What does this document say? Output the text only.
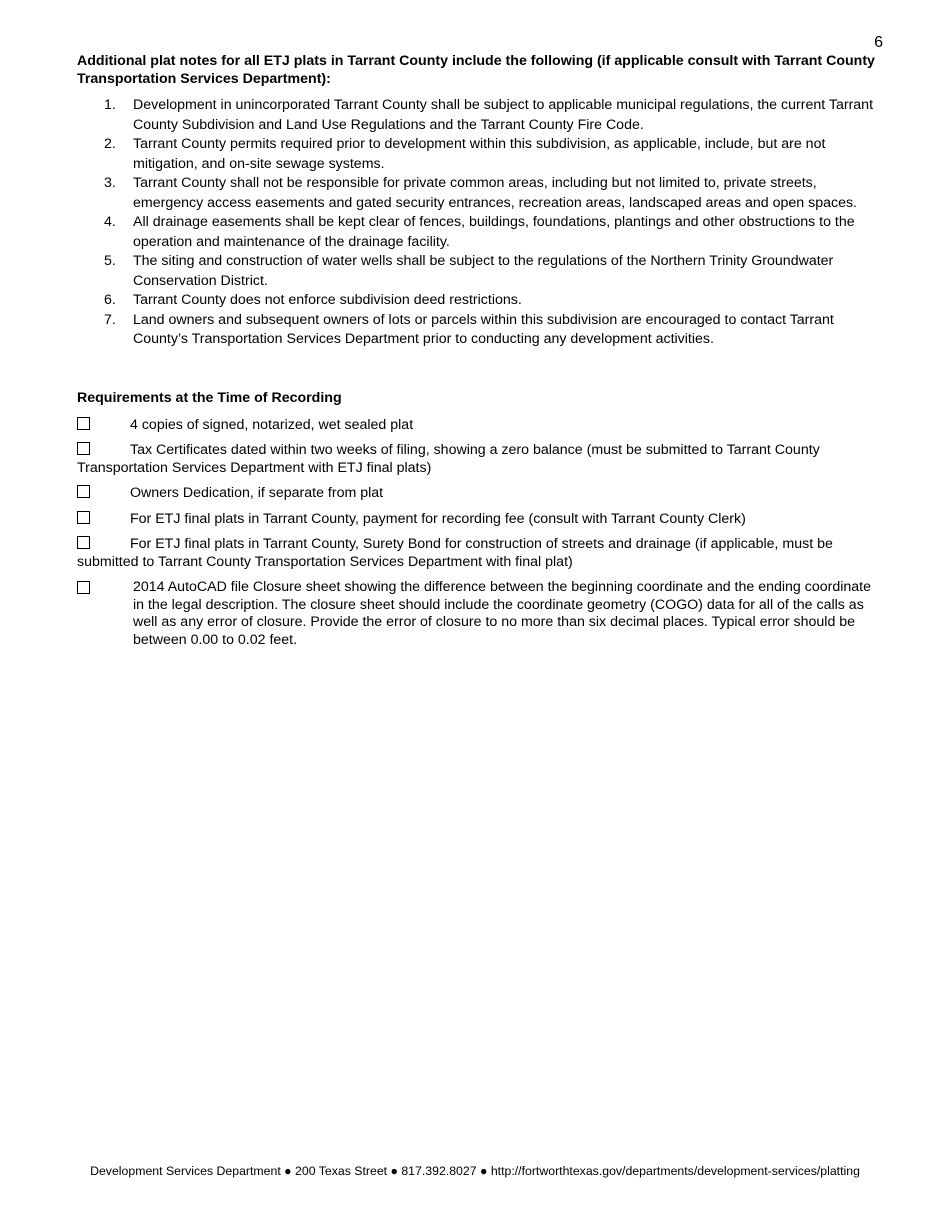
6

Additional plat notes for all ETJ plats in Tarrant County include the following (if applicable consult with Tarrant County Transportation Services Department):

1. Development in unincorporated Tarrant County shall be subject to applicable municipal regulations, the current Tarrant County Subdivision and Land Use Regulations and the Tarrant County Fire Code.
2. Tarrant County permits required prior to development within this subdivision, as applicable, include, but are not mitigation, and on-site sewage systems.
3. Tarrant County shall not be responsible for private common areas, including but not limited to, private streets, emergency access easements and gated security entrances, recreation areas, landscaped areas and open spaces.
4. All drainage easements shall be kept clear of fences, buildings, foundations, plantings and other obstructions to the operation and maintenance of the drainage facility.
5. The siting and construction of water wells shall be subject to the regulations of the Northern Trinity Groundwater Conservation District.
6. Tarrant County does not enforce subdivision deed restrictions.
7. Land owners and subsequent owners of lots or parcels within this subdivision are encouraged to contact Tarrant County’s Transportation Services Department prior to conducting any development activities.

Requirements at the Time of Recording

4 copies of signed, notarized, wet sealed plat
Tax Certificates dated within two weeks of filing, showing a zero balance (must be submitted to Tarrant County Transportation Services Department with ETJ final plats)
Owners Dedication, if separate from plat
For ETJ final plats in Tarrant County, payment for recording fee (consult with Tarrant County Clerk)
For ETJ final plats in Tarrant County, Surety Bond for construction of streets and drainage (if applicable, must be submitted to Tarrant County Transportation Services Department with final plat)
2014 AutoCAD file Closure sheet showing the difference between the beginning coordinate and the ending coordinate in the legal description. The closure sheet should include the coordinate geometry (COGO) data for all of the calls as well as any error of closure. Provide the error of closure to no more than six decimal places. Typical error should be between 0.00 to 0.02 feet.
Development Services Department ● 200 Texas Street ● 817.392.8027 ● http://fortworthtexas.gov/departments/development-services/platting
